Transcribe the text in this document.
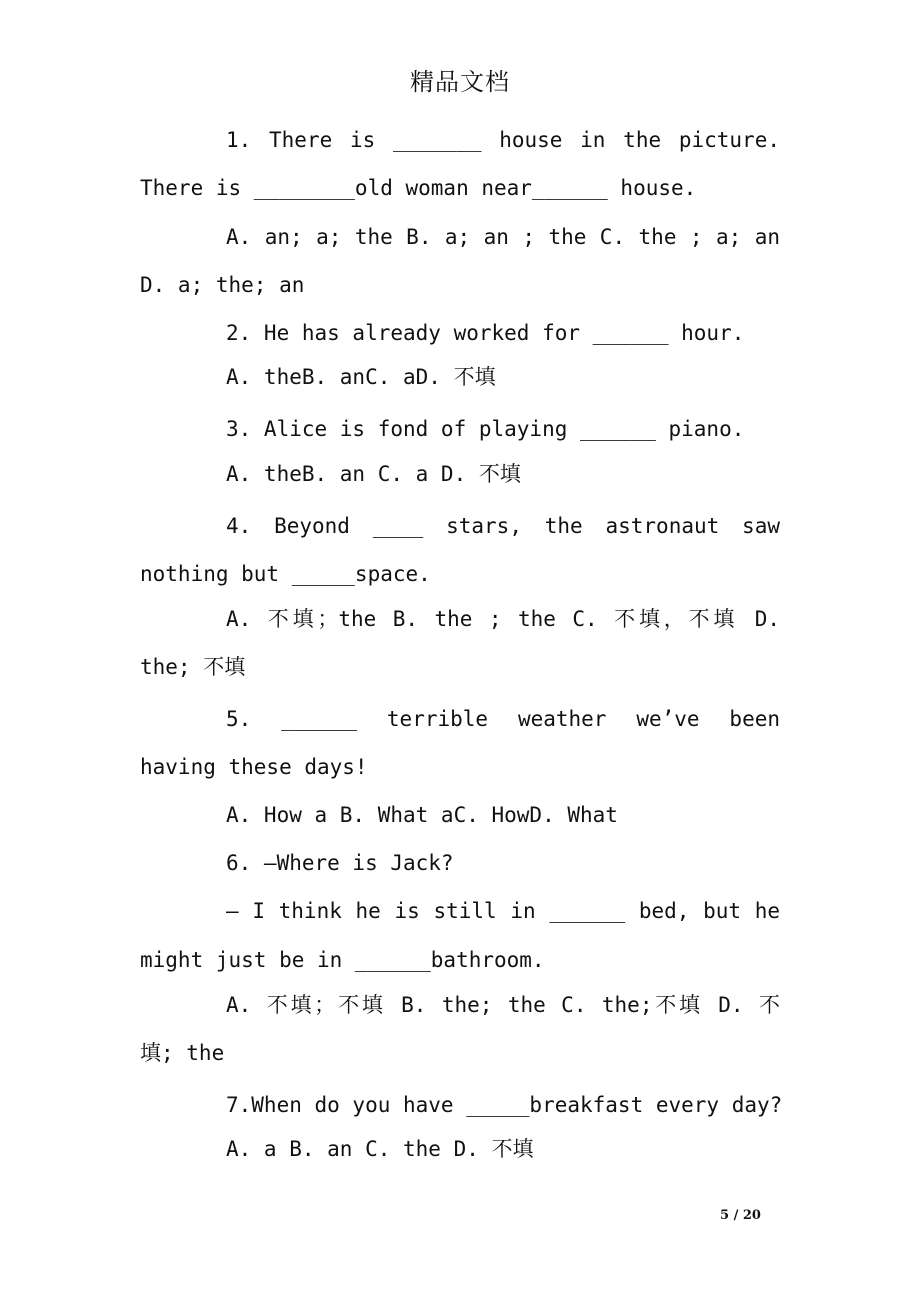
精品文档
1. There is _______ house in the picture.
There is ________old woman near______ house.
A. an; a; the B. a; an ; the C. the ; a; an
D. a; the; an
2. He has already worked for ______ hour.
A. theB. anC. aD. 不填
3. Alice is fond of playing ______ piano.
A. theB. an C. a D. 不填
4. Beyond ____ stars, the astronaut saw
nothing but _____space.
A. 不填；the B. the ; the C. 不填，不填 D.
the; 不填
5. ______ terrible weather we’ve been
having these days!
A. How a B. What aC. HowD. What
6. —Where is Jack?
— I think he is still in ______ bed, but he
might just be in ______bathroom.
A. 不填；不填 B. the; the C. the;不填 D. 不
填; the
7.When do you have _____breakfast every day?
A. a B. an C. the D. 不填
5 / 20
